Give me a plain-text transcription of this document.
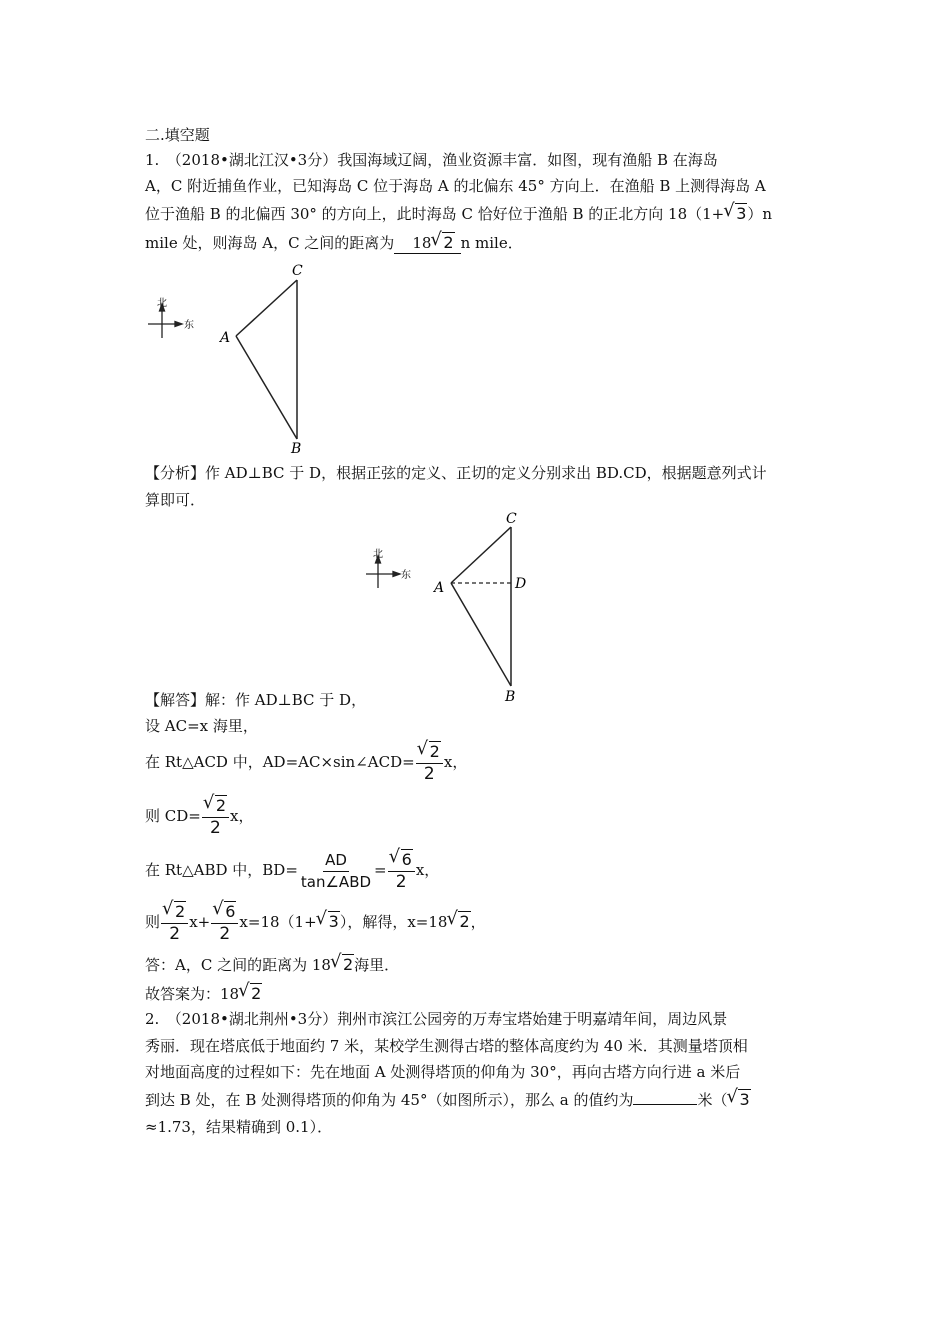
二.填空题
1.　（2018•湖北江汉•3分）我国海域辽阔，渔业资源丰富．如图，现有渔船 B 在海岛
A，C 附近捕鱼作业，已知海岛 C 位于海岛 A 的北偏东 45° 方向上．在渔船 B 上测得海岛 A
位于渔船 B 的北偏西 30° 的方向上，此时海岛 C 恰好位于渔船 B 的正北方向 18（1+√ 3）n
mile 处，则海岛 A，C 之间的距离为 18√ 2 n mile．
北
东
C
A
B
【分析】作 AD⊥BC 于 D，根据正弦的定义、正切的定义分别求出 BD.CD，根据题意列式计
算即可．
北
东
C
A	D
B
【解答】解：作 AD⊥BC 于 D，
设 AC=x 海里，
在 Rt△ACD 中，AD=AC×sin∠ACD=
√ $\frac{2}{2}$ x，
则 CD=
√ $\frac{2}{2}$ x，
在 Rt△ABD 中，$BD= \frac{AD}{\text{tan∠ABD}}$ =
√ $\frac{6}{2}$ x，
则
√ $\frac{2}{2} x+$
√ $\frac{6}{2} x=18(1+√$ 3），解得，x=18√ 2，
答：A，C 之间的距离为 18√ 2海里．
故答案为：18√ 2
2.　（2018•湖北荆州•3分）荆州市滨江公园旁的万寿宝塔始建于明嘉靖年间，周边风景
秀丽．现在塔底低于地面约 7 米，某校学生测得古塔的整体高度约为 40 米．其测量塔顶相
对地面高度的过程如下：先在地面 A 处测得塔顶的仰角为 30°，再向古塔方向行进 a 米后
到达 B 处，在 B 处测得塔顶的仰角为 45°（如图所示），那么 a 的值约为	米（√ 3
≈1.73，结果精确到 0.1）．
